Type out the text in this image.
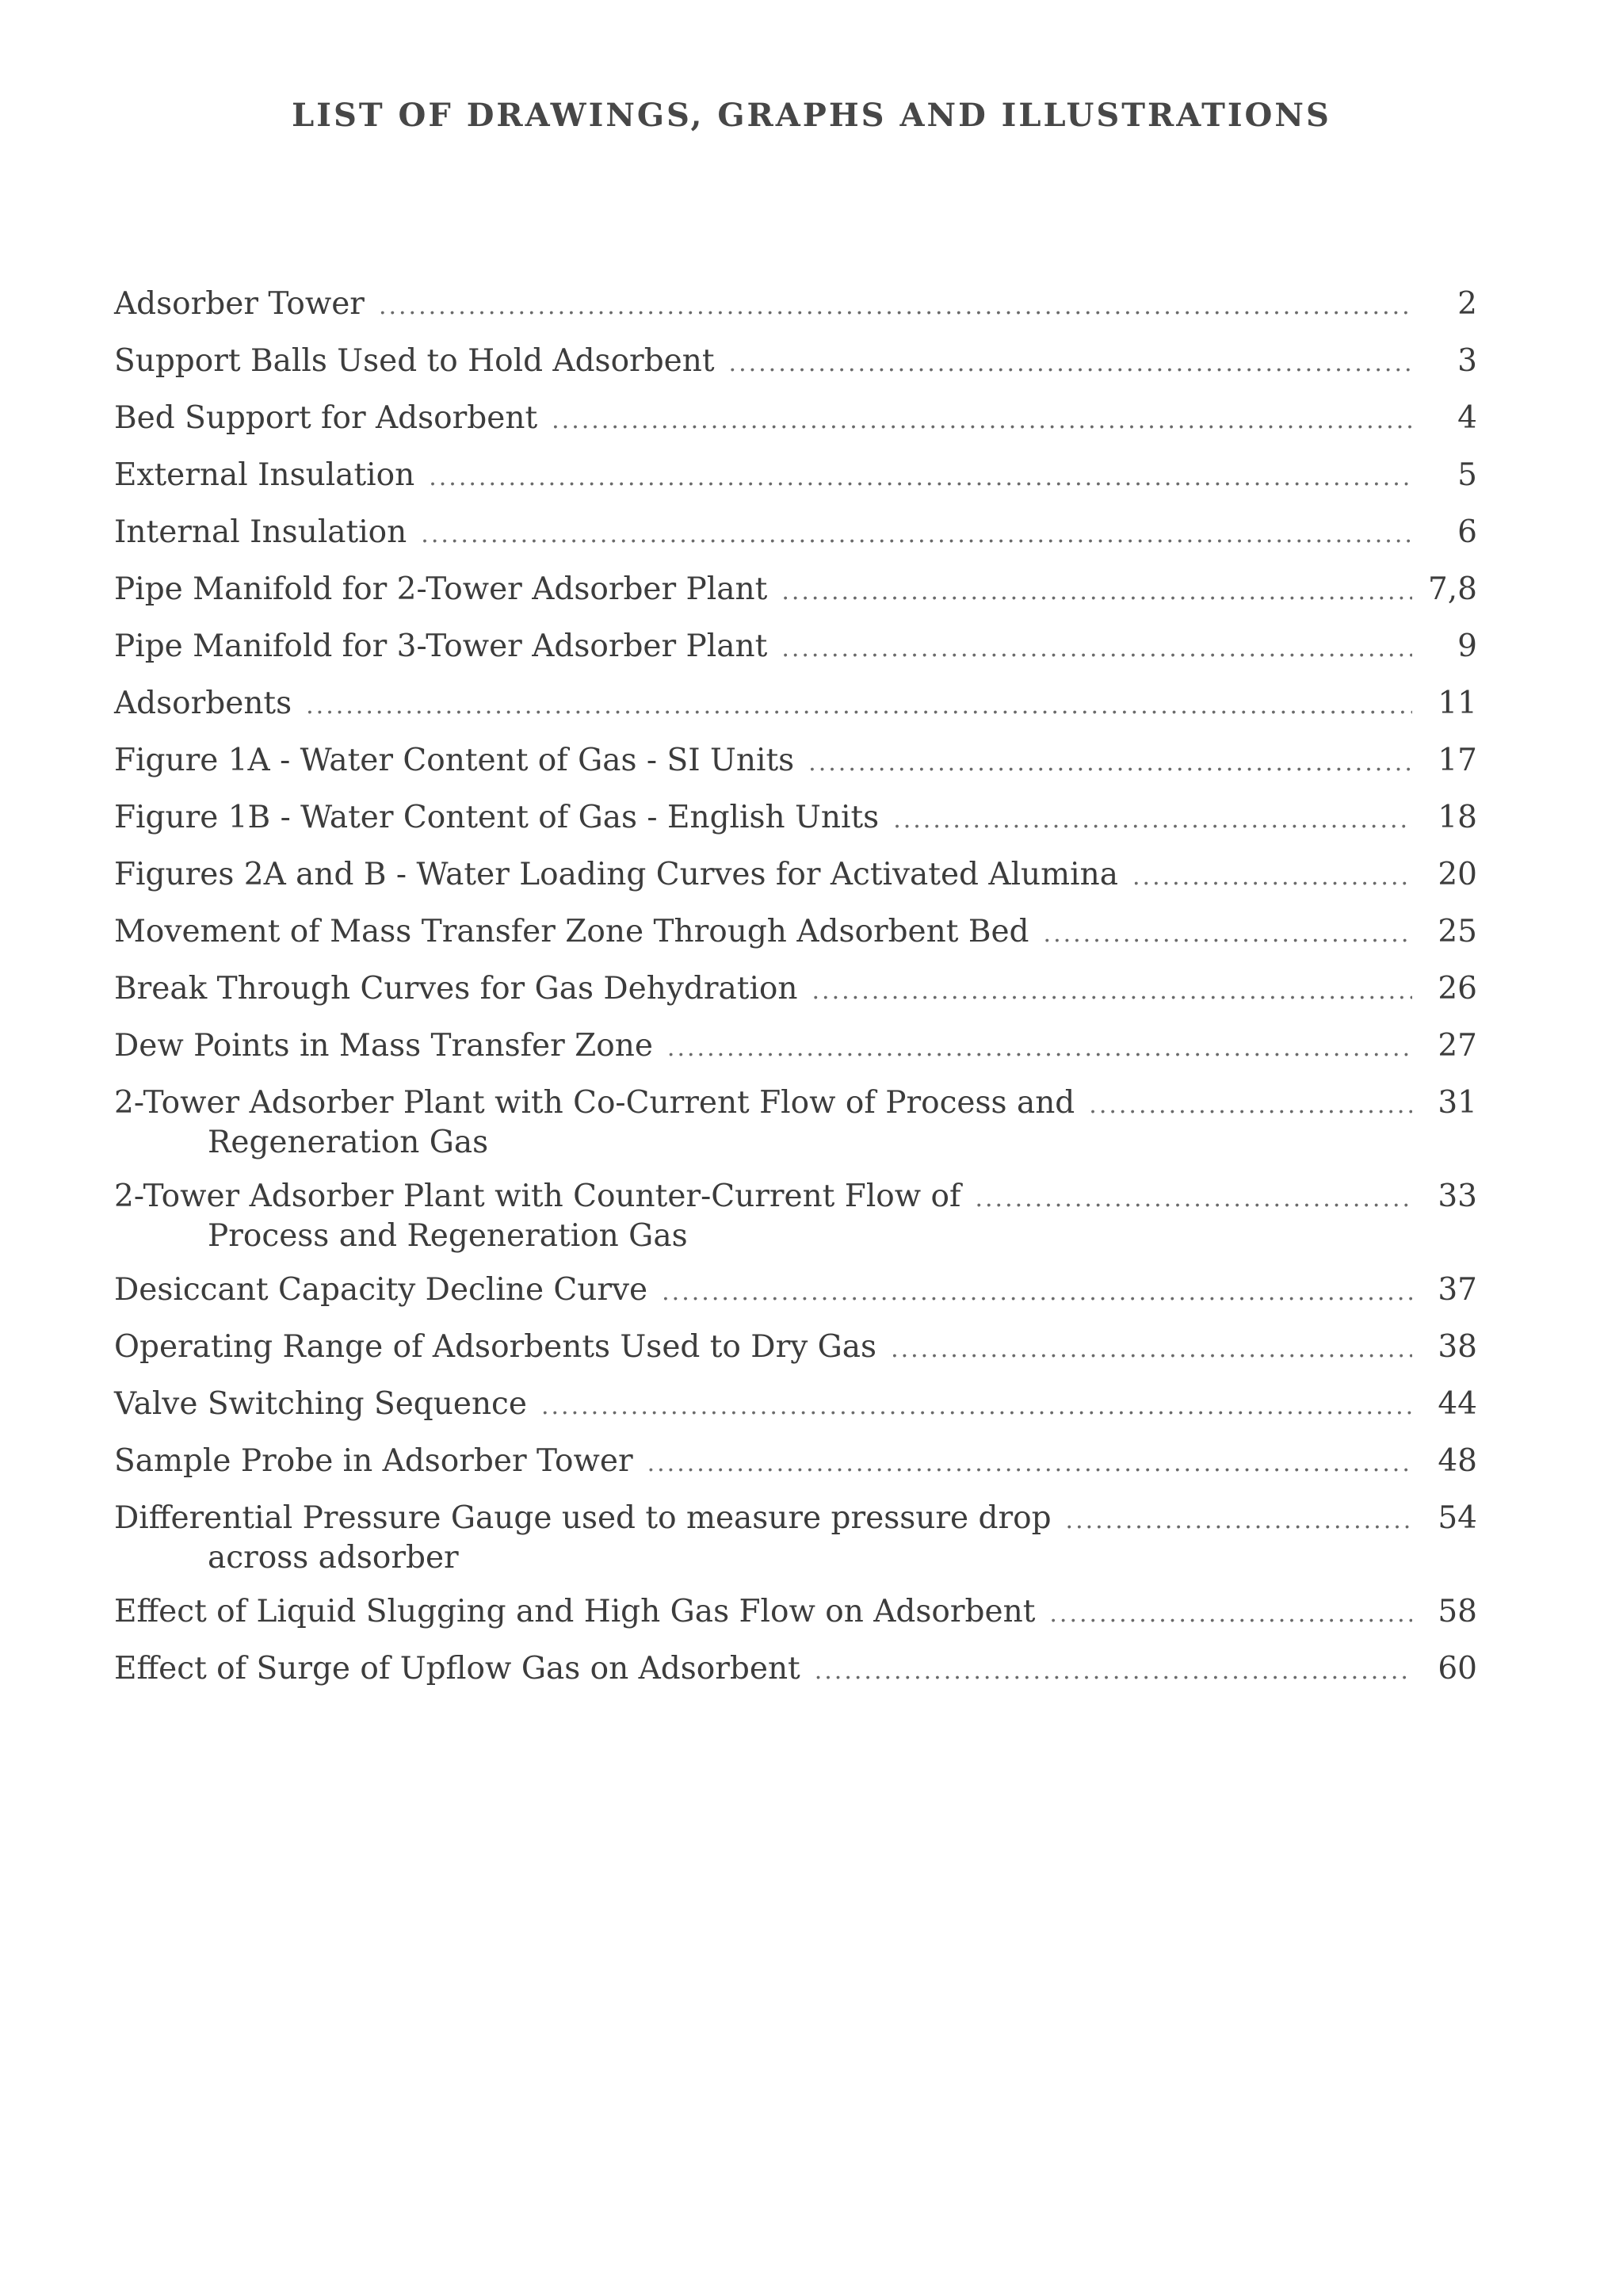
LIST OF DRAWINGS, GRAPHS AND ILLUSTRATIONS
Adsorber Tower .....	2
Support Balls Used to Hold Adsorbent .....	3
Bed Support for Adsorbent .....	4
External Insulation .....	5
Internal Insulation .....	6
Pipe Manifold for 2-Tower Adsorber Plant .....	7,8
Pipe Manifold for 3-Tower Adsorber Plant .....	9
Adsorbents .....	11
Figure 1A - Water Content of Gas - SI Units .....	17
Figure 1B - Water Content of Gas - English Units .....	18
Figures 2A and B - Water Loading Curves for Activated Alumina .....	20
Movement of Mass Transfer Zone Through Adsorbent Bed .....	25
Break Through Curves for Gas Dehydration .....	26
Dew Points in Mass Transfer Zone .....	27
2-Tower Adsorber Plant with Co-Current Flow of Process and .....	31
Regeneration Gas
2-Tower Adsorber Plant with Counter-Current Flow of .....	33
Process and Regeneration Gas
Desiccant Capacity Decline Curve .....	37
Operating Range of Adsorbents Used to Dry Gas .....	38
Valve Switching Sequence .....	44
Sample Probe in Adsorber Tower .....	48
Differential Pressure Gauge used to measure pressure drop .....	54
across adsorber
Effect of Liquid Slugging and High Gas Flow on Adsorbent .....	58
Effect of Surge of Upflow Gas on Adsorbent .....	60
